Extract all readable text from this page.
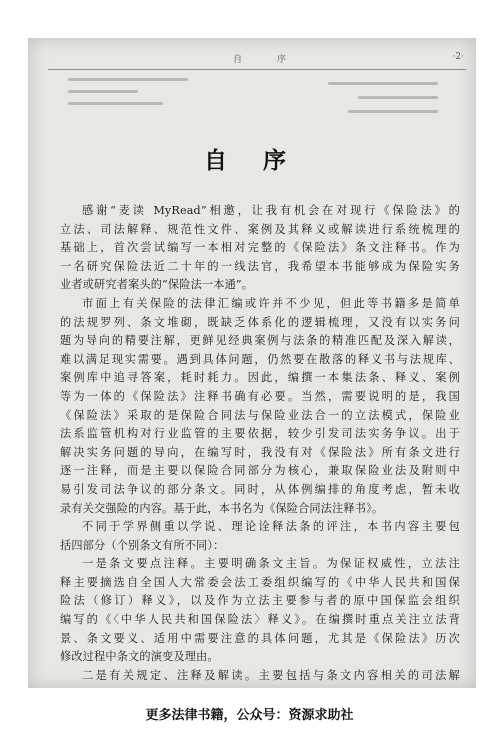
自 序	·2·
自 序

感谢“麦读 MyRead”相邀，让我有机会在对现行《保险法》的

立法、司法解释、规范性文件、案例及其释义或解读进行系统梳理的

基础上，首次尝试编写一本相对完整的《保险法》条文注释书。作为

一名研究保险法近二十年的一线法官，我希望本书能够成为保险实务

业者或研究者案头的“保险法一本通”。

市面上有关保险的法律汇编或许并不少见，但此等书籍多是简单

的法规罗列、条文堆砌，既缺乏体系化的逻辑梳理，又没有以实务问

题为导向的精要注解，更鲜见经典案例与法条的精准匹配及深入解读，

难以满足现实需要。遇到具体问题，仍然要在散落的释义书与法规库、

案例库中追寻答案，耗时耗力。因此，编撰一本集法条、释义、案例

等为一体的《保险法》注释书确有必要。当然，需要说明的是，我国

《保险法》采取的是保险合同法与保险业法合一的立法模式，保险业

法系监管机构对行业监管的主要依据，较少引发司法实务争议。出于

解决实务问题的导向，在编写时，我没有对《保险法》所有条文进行

逐一注释，而是主要以保险合同部分为核心，兼取保险业法及附则中

易引发司法争议的部分条文。同时，从体例编排的角度考虑，暂未收

录有关交强险的内容。基于此，本书名为《保险合同法注释书》。

不同于学界侧重以学说、理论诠释法条的评注，本书内容主要包

括四部分（个别条文有所不同）：

一是条文要点注释。主要明确条文主旨。为保证权威性，立法注

释主要摘选自全国人大常委会法工委组织编写的《中华人民共和国保

险法（修订）释义》，以及作为立法主要参与者的原中国保监会组织

编写的《〈中华人民共和国保险法〉释义》。在编撰时重点关注立法背

景、条文要义、适用中需要注意的具体问题，尤其是《保险法》历次

修改过程中条文的演变及理由。

二是有关规定、注释及解读。主要包括与条文内容相关的司法解

更多法律书籍，公众号：资源求助社
